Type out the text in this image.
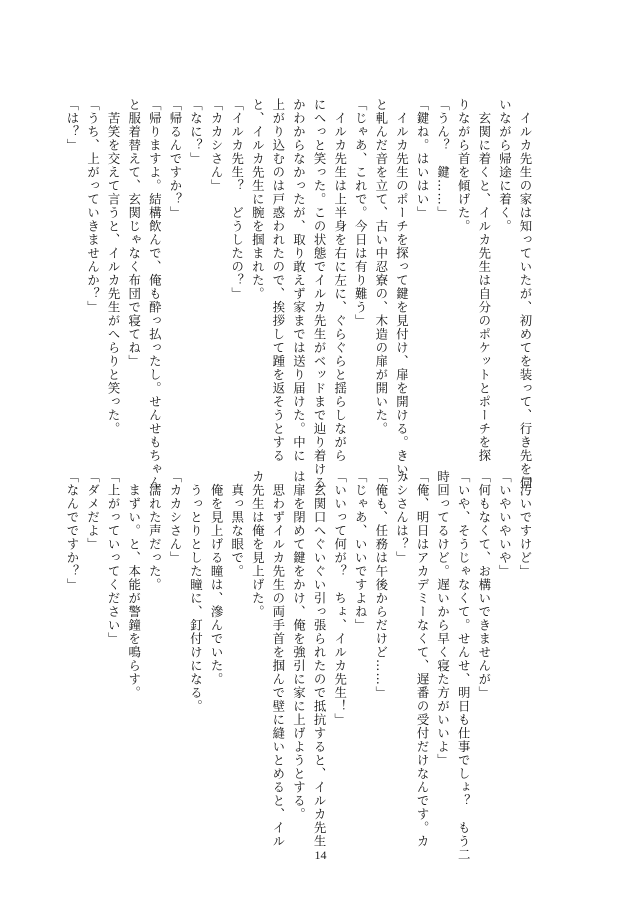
　イルカ先生の家は知っていたが、初めてを装って、行き先を伺

いながら帰途に着く。

　玄関に着くと、イルカ先生は自分のポケットとポーチを探

りながら首を傾げた。

「うん？　鍵……」

「鍵ね。はいはい」

　イルカ先生のポーチを探って鍵を見付け、扉を開ける。きい、

と軋んだ音を立て、古い中忍寮の、木造の扉が開いた。

「じゃあ、これで。今日は有り難う」

　イルカ先生は上半身を右に左に、ぐらぐらと揺らしながら

にへっと笑った。この状態でイルカ先生がベッドまで辿り着ける

かわからなかったが、取り敢えず家までは送り届けた。中に

上がり込むのは戸惑われたので、挨拶して踵を返そうとする

と、イルカ先生に腕を掴まれた。

「イルカ先生？　どうしたの？」

「カカシさん」

「なに？」

「帰るんですか？」

「帰りますよ。結構飲んで、俺も酔っ払ったし。せんせもちゃん

と服着替えて、玄関じゃなく布団で寝てね」

　苦笑を交えて言うと、イルカ先生がへらりと笑った。

「うち、上がっていきませんか？」

「は？」

「汚いですけど」

「いやいやいや」

「何もなくて、お構いできませんが」

「いや、そうじゃなくて。せんせ、明日も仕事でしょ？　もう二

時回ってるけど。遅いから早く寝た方がいいよ」

「俺、明日はアカデミーなくて、遅番の受付だけなんです。カ

カシさんは？」

「俺も、任務は午後からだけど……」

「じゃあ、いいですよね」

「いいって何が？　ちょ、イルカ先生！」

　玄関口へぐいぐい引っ張られたので抵抗すると、イルカ先生

は扉を閉めて鍵をかけ、俺を強引に家に上げようとする。

　思わずイルカ先生の両手首を掴んで壁に縫いとめると、イル

カ先生は俺を見上げた。

　真っ黒な眼で。

　俺を見上げる瞳は、滲んでいた。

　うっとりとした瞳に、釘付けになる。

「カカシさん」

　濡れた声だった。

　まずい。と、本能が警鐘を鳴らす。

「上がっていってください」

「ダメだよ」

「なんでですか？」

14
